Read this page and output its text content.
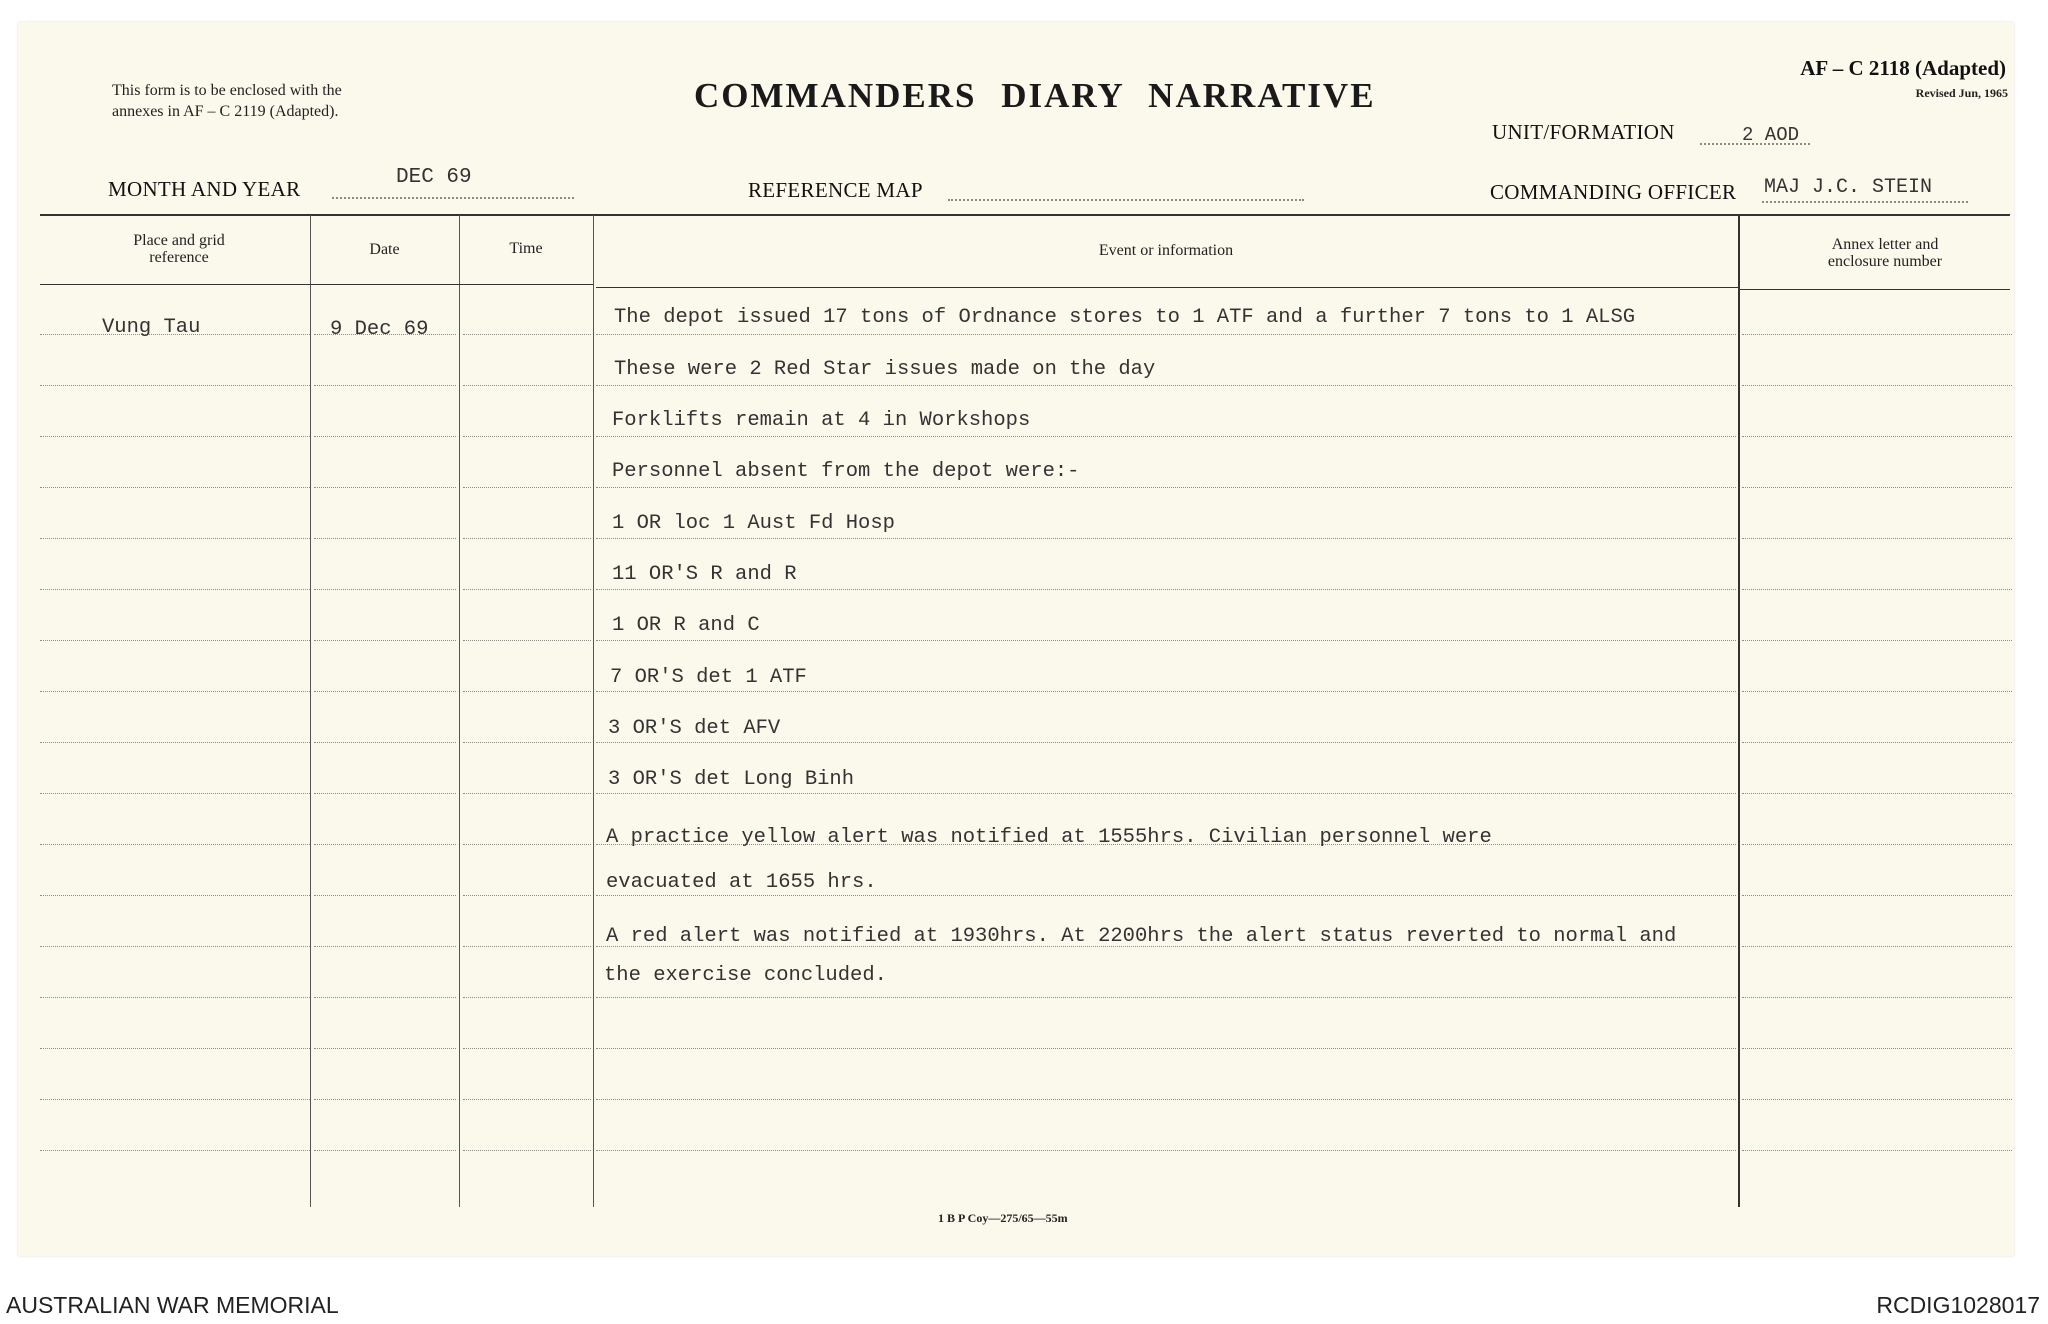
This form is to be enclosed with the
annexes in AF – C 2119 (Adapted).	COMMANDERS DIARY NARRATIVE
AF – C 2118 (Adapted)
Revised Jun, 1965
UNIT/FORMATION	2 AOD
MONTH AND YEAR	DEC 69
REFERENCE MAP	COMMANDING OFFICER MAJ J.C. STEIN
Place and grid
reference	Date	Time	Event or information	Annex letter and
enclosure number
Vung Tau	9 Dec 69
The depot issued 17 tons of Ordnance stores to 1 ATF and a further 7 tons to 1 ALSG
These were 2 Red Star issues made on the day
Forklifts remain at 4 in Workshops
Personnel absent from the depot were:-
1 OR loc 1 Aust Fd Hosp
11 OR'S R and R
1 OR R and C
7 OR'S det 1 ATF
3 OR'S det AFV
3 OR'S det Long Binh
A practice yellow alert was notified at 1555hrs. Civilian personnel were
evacuated at 1655 hrs.
A red alert was notified at 1930hrs. At 2200hrs the alert status reverted to normal and
the exercise concluded.
1 B P Coy—275/65—55m
AUSTRALIAN WAR MEMORIAL	RCDIG1028017
